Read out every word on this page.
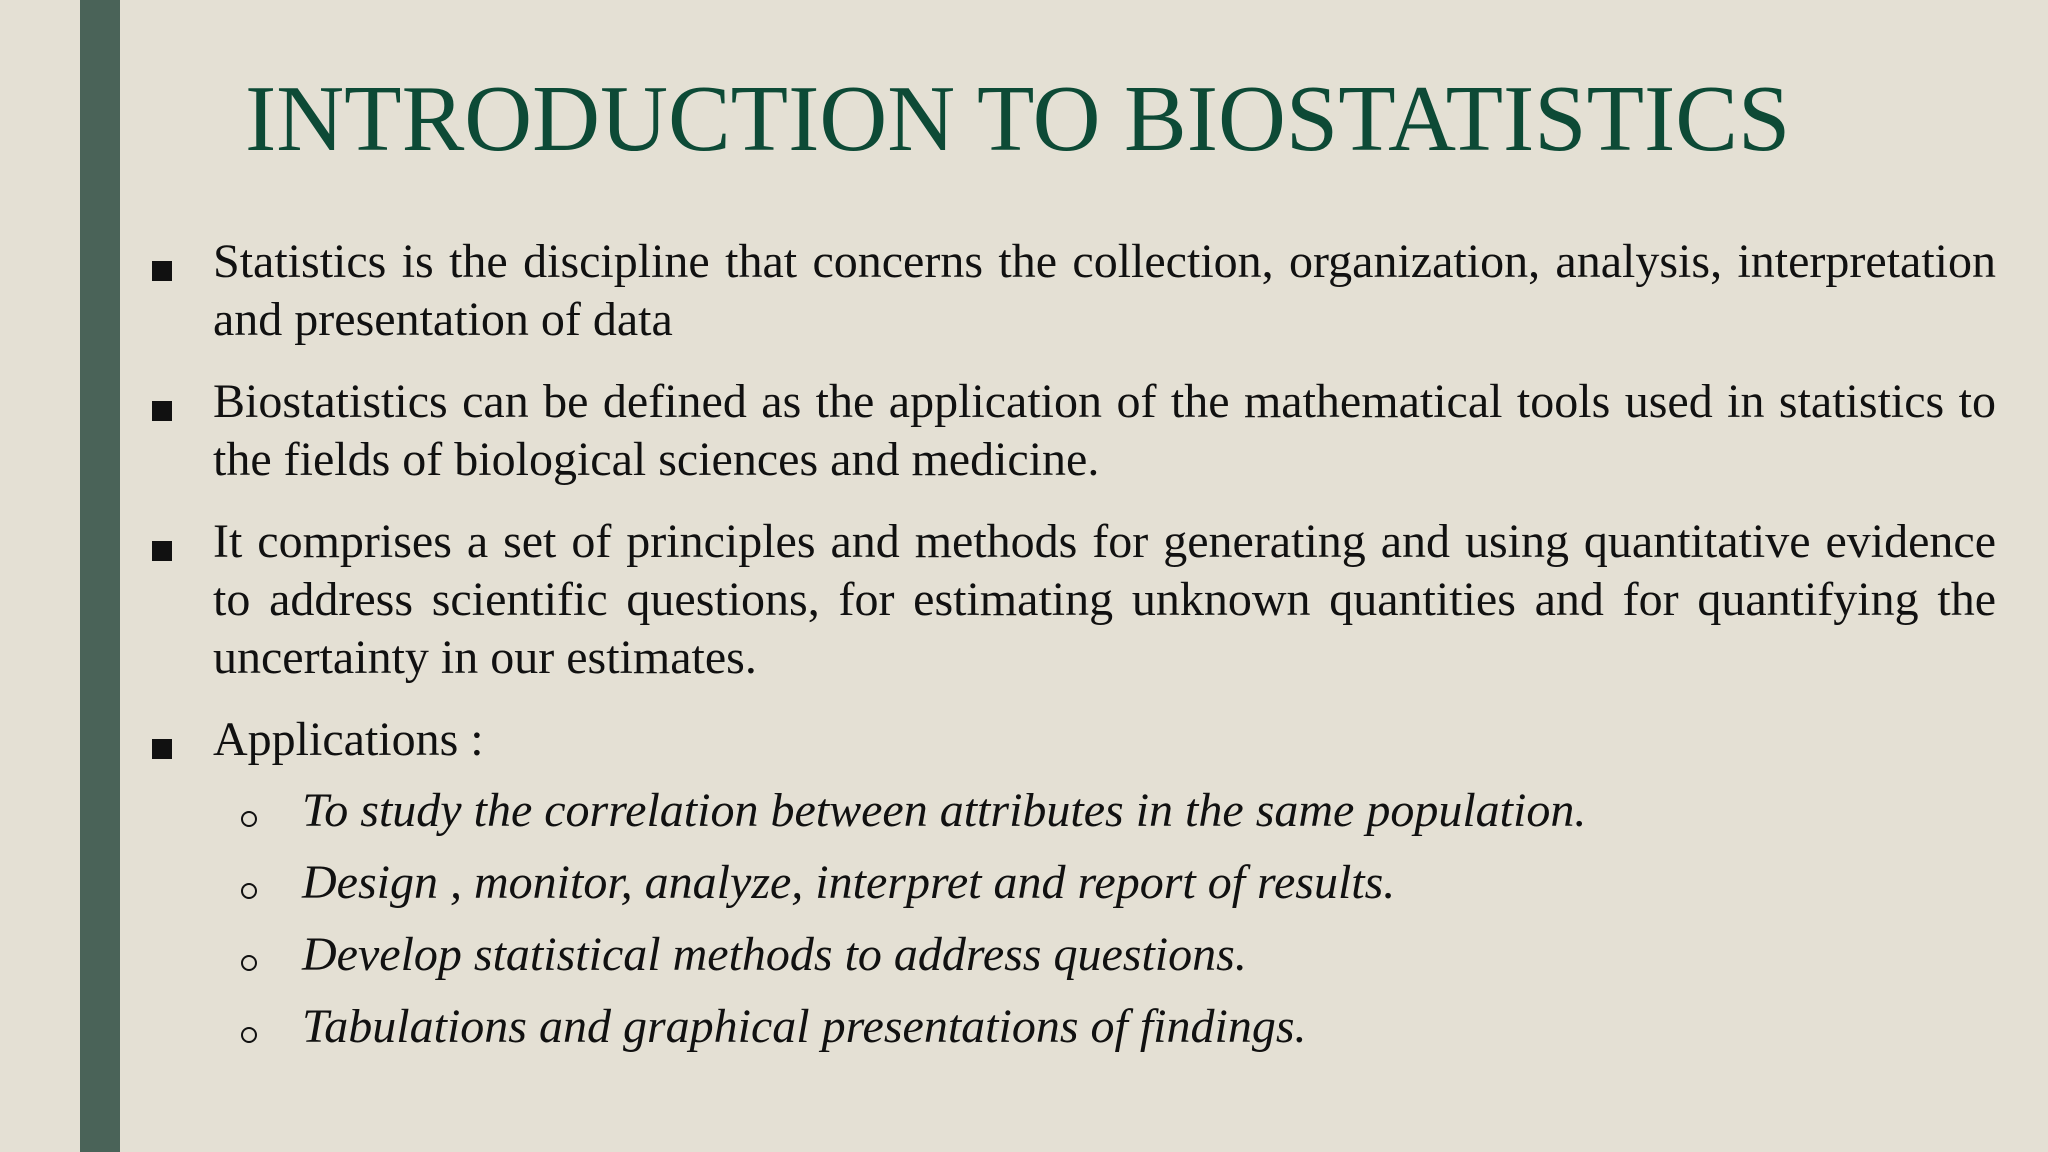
INTRODUCTION TO BIOSTATISTICS
Statistics is the discipline that concerns the collection, organization, analysis, interpretation and presentation of data
Biostatistics can be defined as the application of the mathematical tools used in statistics to the fields of biological sciences and medicine.
It comprises a set of principles and methods for generating and using quantitative evidence to address scientific questions, for estimating unknown quantities and for quantifying the uncertainty in our estimates.
Applications :
To study the correlation between attributes in the same population.
Design , monitor, analyze, interpret and report of results.
Develop statistical methods to address questions.
Tabulations and graphical presentations of findings.
